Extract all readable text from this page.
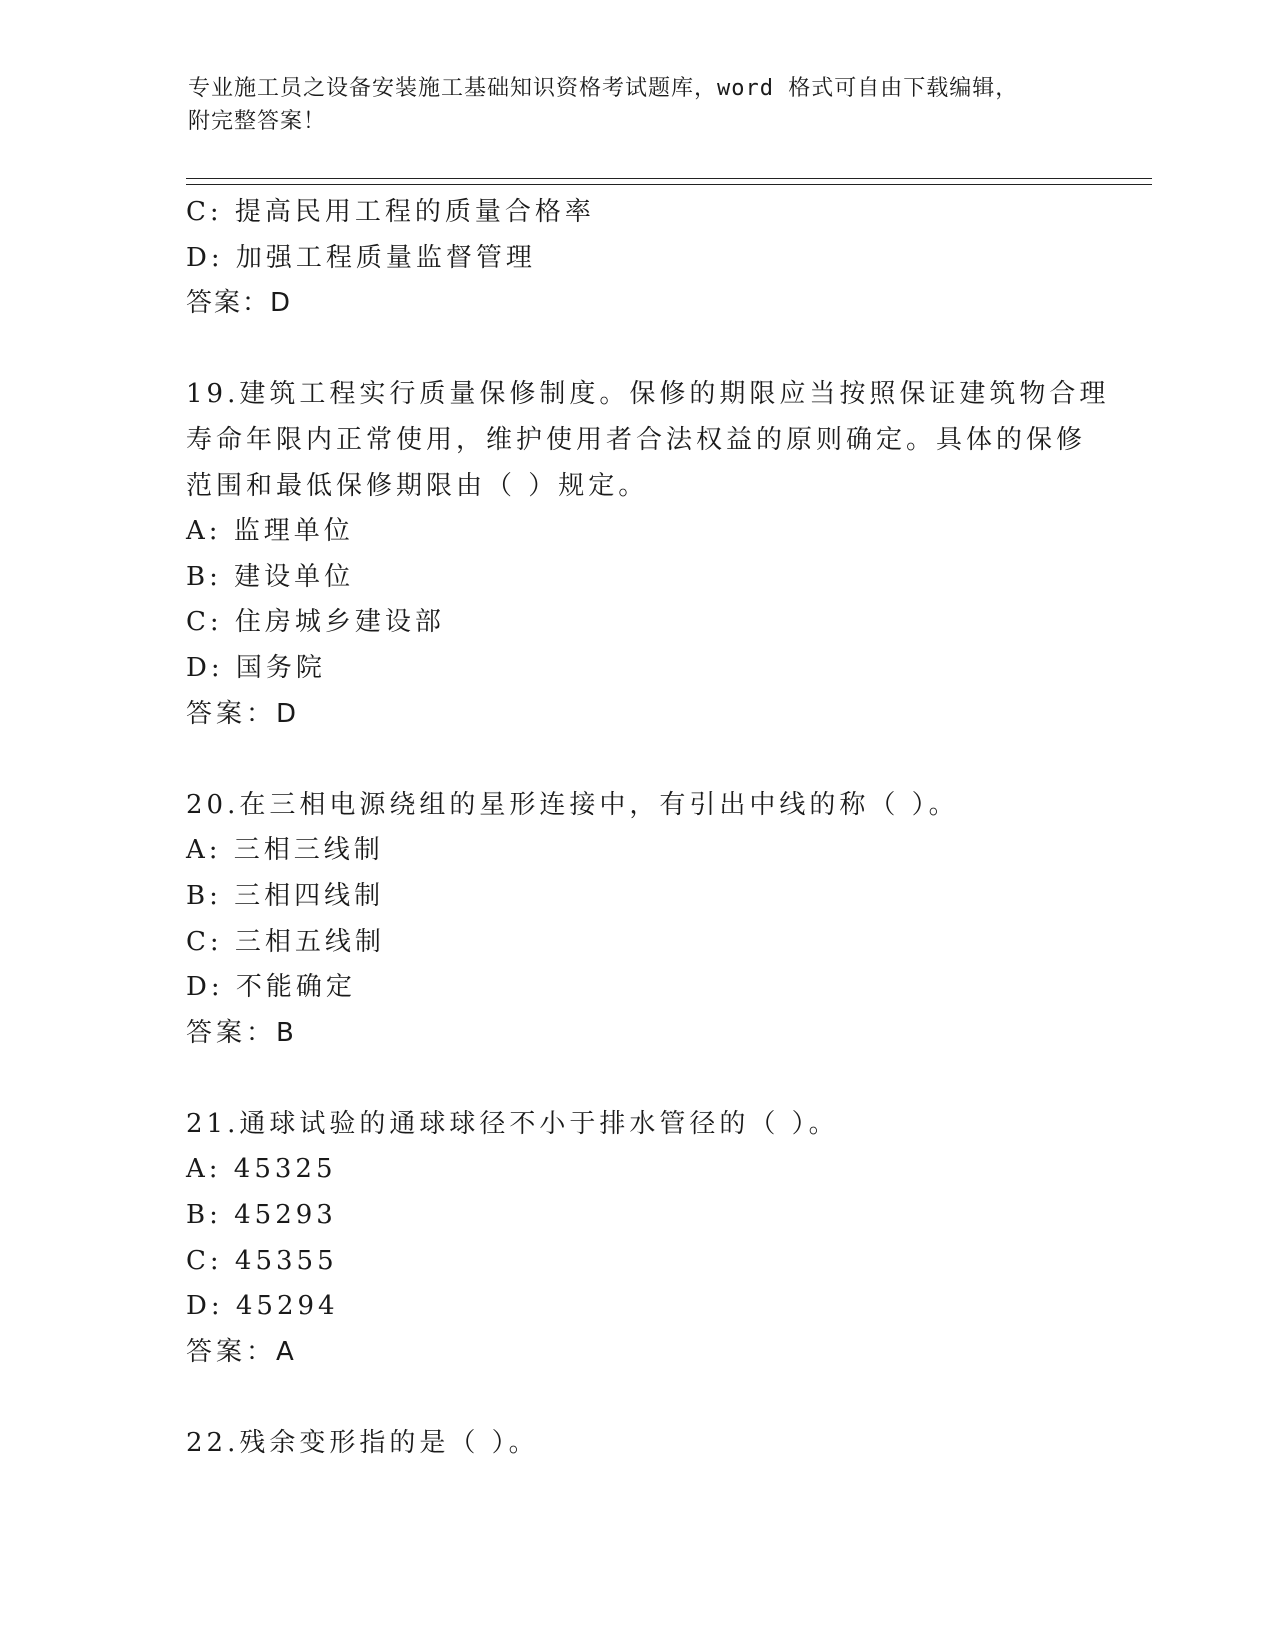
专业施工员之设备安装施工基础知识资格考试题库，word 格式可自由下载编辑，
附完整答案！
C: 提高民用工程的质量合格率
D: 加强工程质量监督管理
答案：D
19.建筑工程实行质量保修制度。保修的期限应当按照保证建筑物合理
寿命年限内正常使用，维护使用者合法权益的原则确定。具体的保修
范围和最低保修期限由（ ）规定。
A: 监理单位
B: 建设单位
C: 住房城乡建设部
D: 国务院
答案：D
20.在三相电源绕组的星形连接中，有引出中线的称（ ）。
A: 三相三线制
B: 三相四线制
C: 三相五线制
D: 不能确定
答案：B
21.通球试验的通球球径不小于排水管径的（ ）。
A: 45325
B: 45293
C: 45355
D: 45294
答案：A
22.残余变形指的是（ ）。
